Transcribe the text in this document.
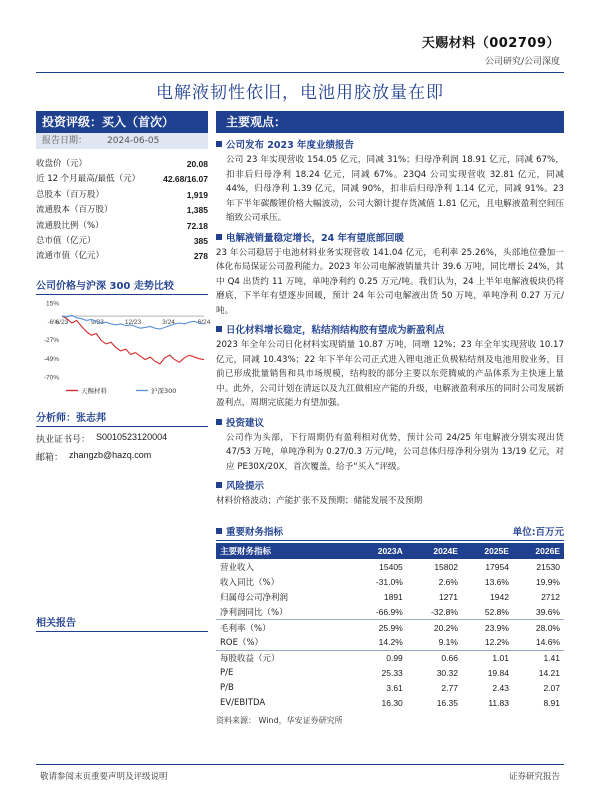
天赐材料（002709）
公司研究/公司深度
电解液韧性依旧，电池用胶放量在即
投资评级：买入（首次）
报告日期： 2024-06-05
收盘价（元）	20.08
近 12 个月最高/最低（元）	42.68/16.07
总股本（百万股）	1,919
流通股本（百万股）	1,385
流通股比例（%）	72.18
总市值（亿元）	385
流通市值（亿元）	278
公司价格与沪深 300 走势比较
15%
-6%
-27%
-49%
-70%
6/23	9/23	12/23	3/24	6/24
天赐材料	沪深300
分析师：张志邦
执业证书号： S0010523120004
邮箱： zhangzb@hazq.com
相关报告
主要观点：
公司发布 2023 年度业绩报告
公司 23 年实现营收 154.05 亿元，同减 31%；归母净利润 18.91 亿元，同减 67%，扣非后归母净利 18.24 亿元，同减 67%。23Q4 公司实现营收 32.81 亿元，同减 44%，归母净利 1.39 亿元，同减 90%，扣非后归母净利 1.14 亿元，同减 91%。23 年下半年碳酸锂价格大幅波动，公司大额计提存货减值 1.81 亿元，且电解液盈利空间压缩致公司承压。
电解液销量稳定增长，24 年有望底部回暖
23 年公司稳居于电池材料业务实现营收 141.04 亿元，毛利率 25.26%，头部地位叠加一体化布局保证公司盈利能力。2023 年公司电解液销量共计 39.6 万吨，同比增长 24%，其中 Q4 出货约 11 万吨，单吨净利约 0.25 万元/吨。我们认为，24 上半年电解液板块仍将磨底，下半年有望逐步回暖，预计 24 年公司电解液出货 50 万吨，单吨净利 0.27 万元/吨。
日化材料增长稳定，粘结剂结构胶有望成为新盈利点
2023 年全年公司日化材料实现销量 10.87 万吨，同增 12%；23 年全年实现营收 10.17 亿元，同减 10.43%；22 年下半年公司正式进入锂电池正负极粘结剂及电池用胶业务，目前已形成批量销售和具市场规模，结构胶的部分主要以东莞腾威的产品体系为主快速上量中。此外，公司计划在清远以及九江做相应产能的升级，电解液盈利承压的同时公司发展新盈利点，周期完底能力有望加强。
投资建议
公司作为头部，下行周期仍有盈利相对优势，预计公司 24/25 年电解液分别实现出货 47/53 万吨，单吨净利为 0.27/0.3 万元/吨，公司总体归母净利分别为 13/19 亿元，对应 PE30X/20X，首次覆盖，给予“买入”评级。
风险提示
材料价格波动；产能扩张不及预期；储能发展不及预期
重要财务指标	单位:百万元
主要财务指标	2023A	2024E	2025E	2026E
营业收入	15405	15802	17954	21530
收入同比（%）	-31.0%	2.6%	13.6%	19.9%
归属母公司净利润	1891	1271	1942	2712
净利润同比（%）	-66.9%	-32.8%	52.8%	39.6%
毛利率（%）	25.9%	20.2%	23.9%	28.0%
ROE（%）	14.2%	9.1%	12.2%	14.6%
每股收益（元）	0.99	0.66	1.01	1.41
P/E	25.33	30.32	19.84	14.21
P/B	3.61	2.77	2.43	2.07
EV/EBITDA	16.30	16.35	11.83	8.91
资料来源： Wind，华安证券研究所
敬请参阅末页重要声明及评级说明	证券研究报告
